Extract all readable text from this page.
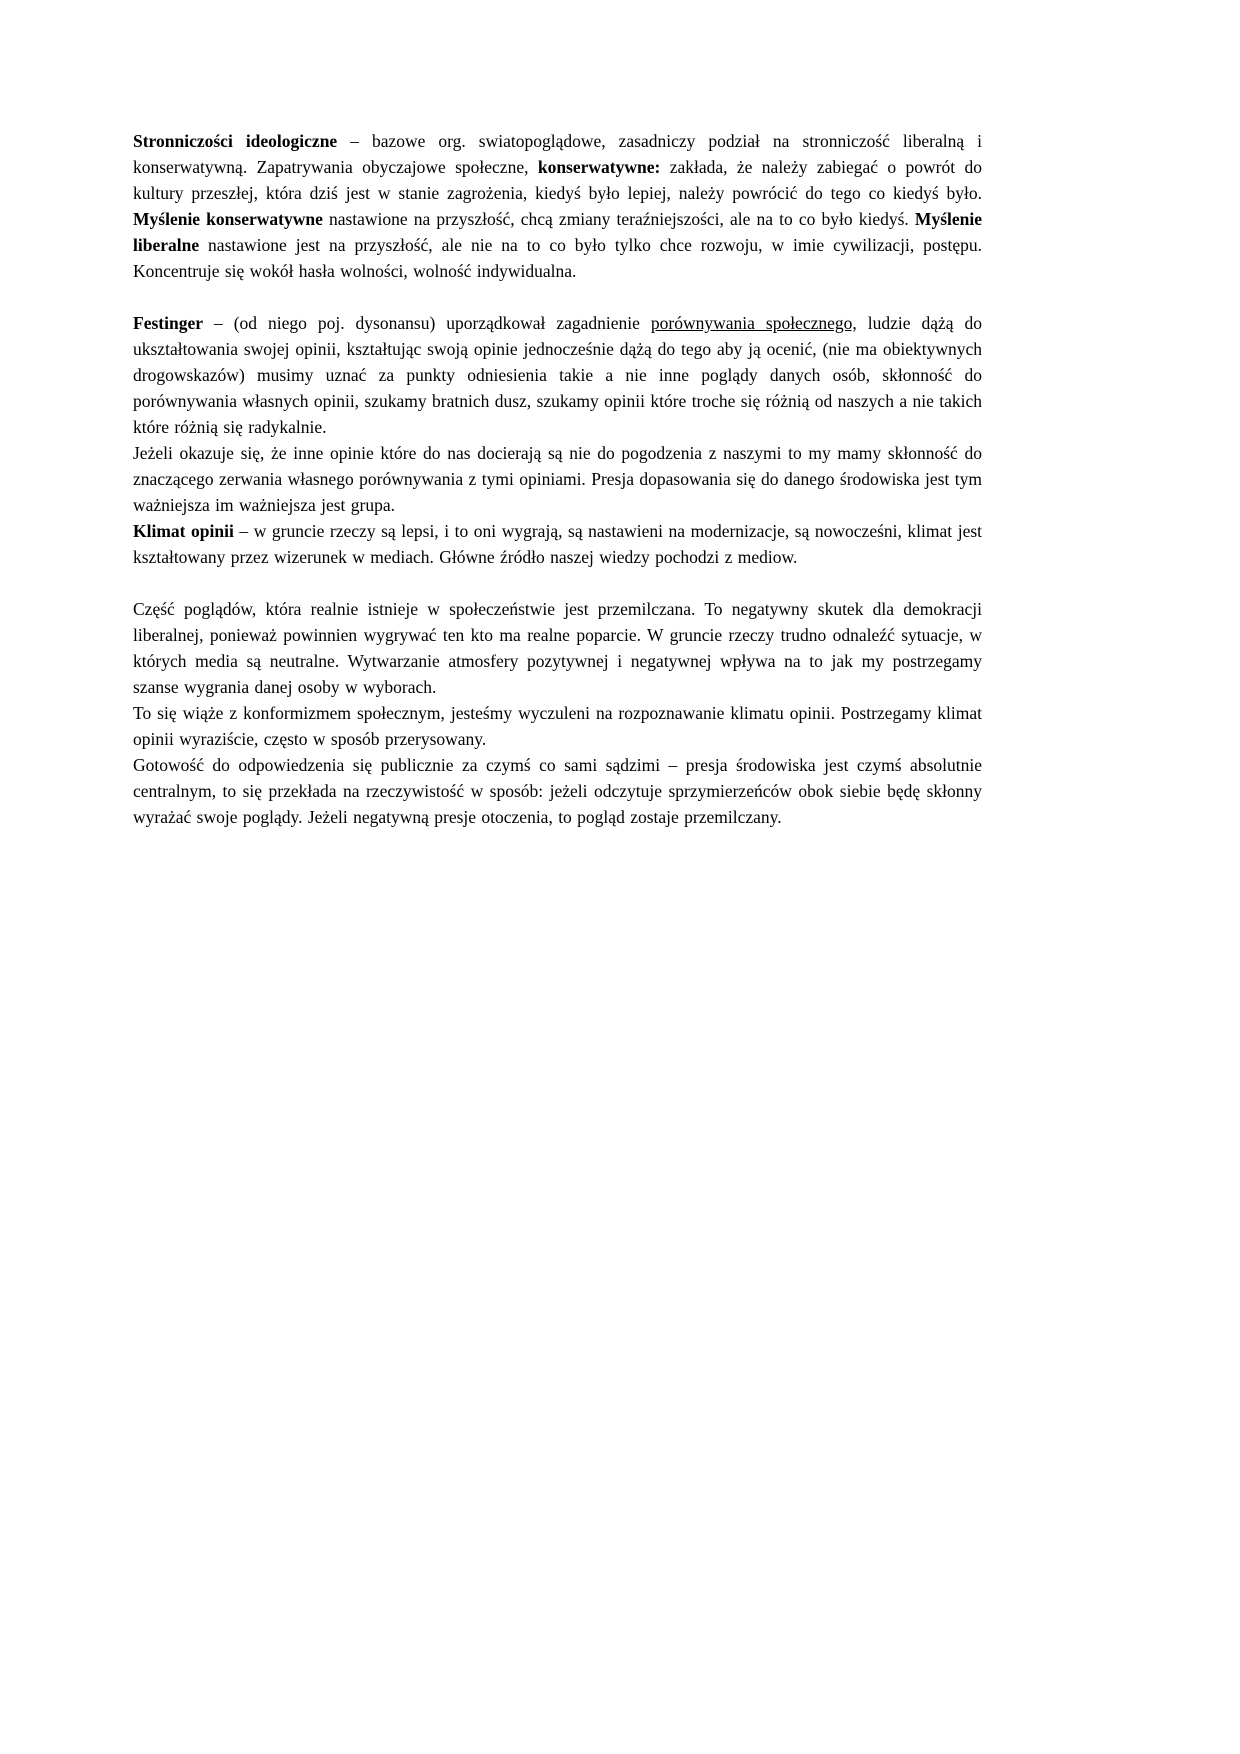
Stronniczości ideologiczne – bazowe org. swiatopoglądowe, zasadniczy podział na stronniczość liberalną i konserwatywną. Zapatrywania obyczajowe społeczne, konserwatywne: zakłada, że należy zabiegać o powrót do kultury przeszłej, która dziś jest w stanie zagrożenia, kiedyś było lepiej, należy powrócić do tego co kiedyś było. Myślenie konserwatywne nastawione na przyszłość, chcą zmiany teraźniejszości, ale na to co było kiedyś. Myślenie liberalne nastawione jest na przyszłość, ale nie na to co było tylko chce rozwoju, w imie cywilizacji, postępu. Koncentruje się wokół hasła wolności, wolność indywidualna.

Festinger – (od niego poj. dysonansu) uporządkował zagadnienie porównywania społecznego, ludzie dążą do ukształtowania swojej opinii, kształtując swoją opinie jednocześnie dążą do tego aby ją ocenić, (nie ma obiektywnych drogowskazów) musimy uznać za punkty odniesienia takie a nie inne poglądy danych osób, skłonność do porównywania własnych opinii, szukamy bratnich dusz, szukamy opinii które troche się różnią od naszych a nie takich które różnią się radykalnie.

Jeżeli okazuje się, że inne opinie które do nas docierają są nie do pogodzenia z naszymi to my mamy skłonność do znaczącego zerwania własnego porównywania z tymi opiniami. Presja dopasowania się do danego środowiska jest tym ważniejsza im ważniejsza jest grupa.

Klimat opinii – w gruncie rzeczy są lepsi, i to oni wygrają, są nastawieni na modernizacje, są nowocześni, klimat jest kształtowany przez wizerunek w mediach. Główne źródło naszej wiedzy pochodzi z mediow.

Część poglądów, która realnie istnieje w społeczeństwie jest przemilczana. To negatywny skutek dla demokracji liberalnej, ponieważ powinnien wygrywać ten kto ma realne poparcie. W gruncie rzeczy trudno odnaleźć sytuacje, w których media są neutralne. Wytwarzanie atmosfery pozytywnej i negatywnej wpływa na to jak my postrzegamy szanse wygrania danej osoby w wyborach.

To się wiąże z konformizmem społecznym, jesteśmy wyczuleni na rozpoznawanie klimatu opinii. Postrzegamy klimat opinii wyraziście, często w sposób przerysowany.

Gotowość do odpowiedzenia się publicznie za czymś co sami sądzimi – presja środowiska jest czymś absolutnie centralnym, to się przekłada na rzeczywistość w sposób: jeżeli odczytuje sprzymierzeńców obok siebie będę skłonny wyrażać swoje poglądy. Jeżeli negatywną presje otoczenia, to pogląd zostaje przemilczany.
